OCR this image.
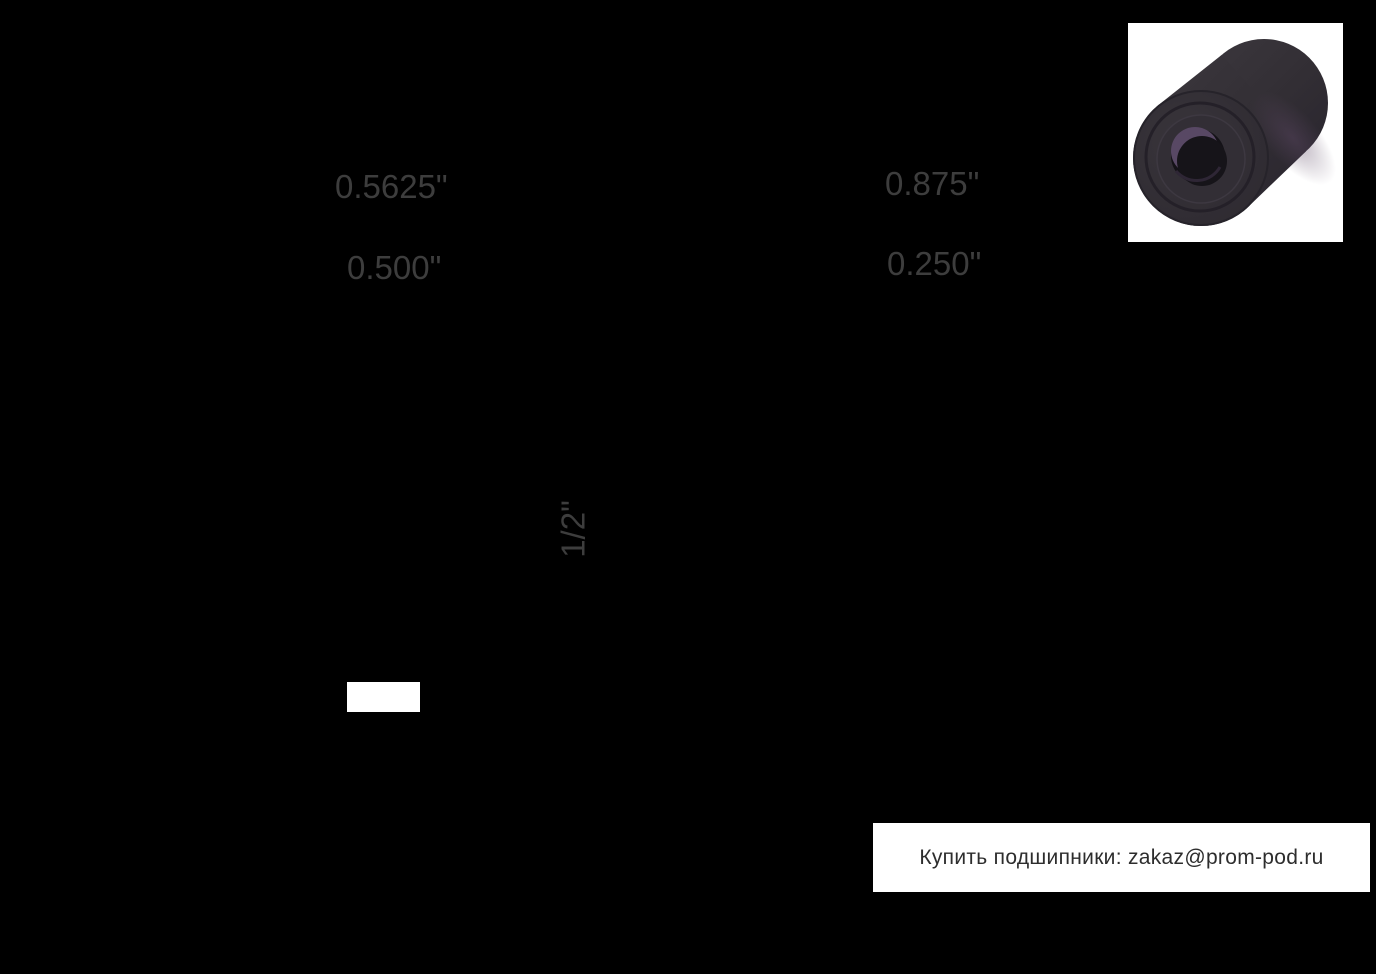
0.5625"
0.500"
0.875"
0.250"
1/2"
Купить подшипники: zakaz@prom-pod.ru
